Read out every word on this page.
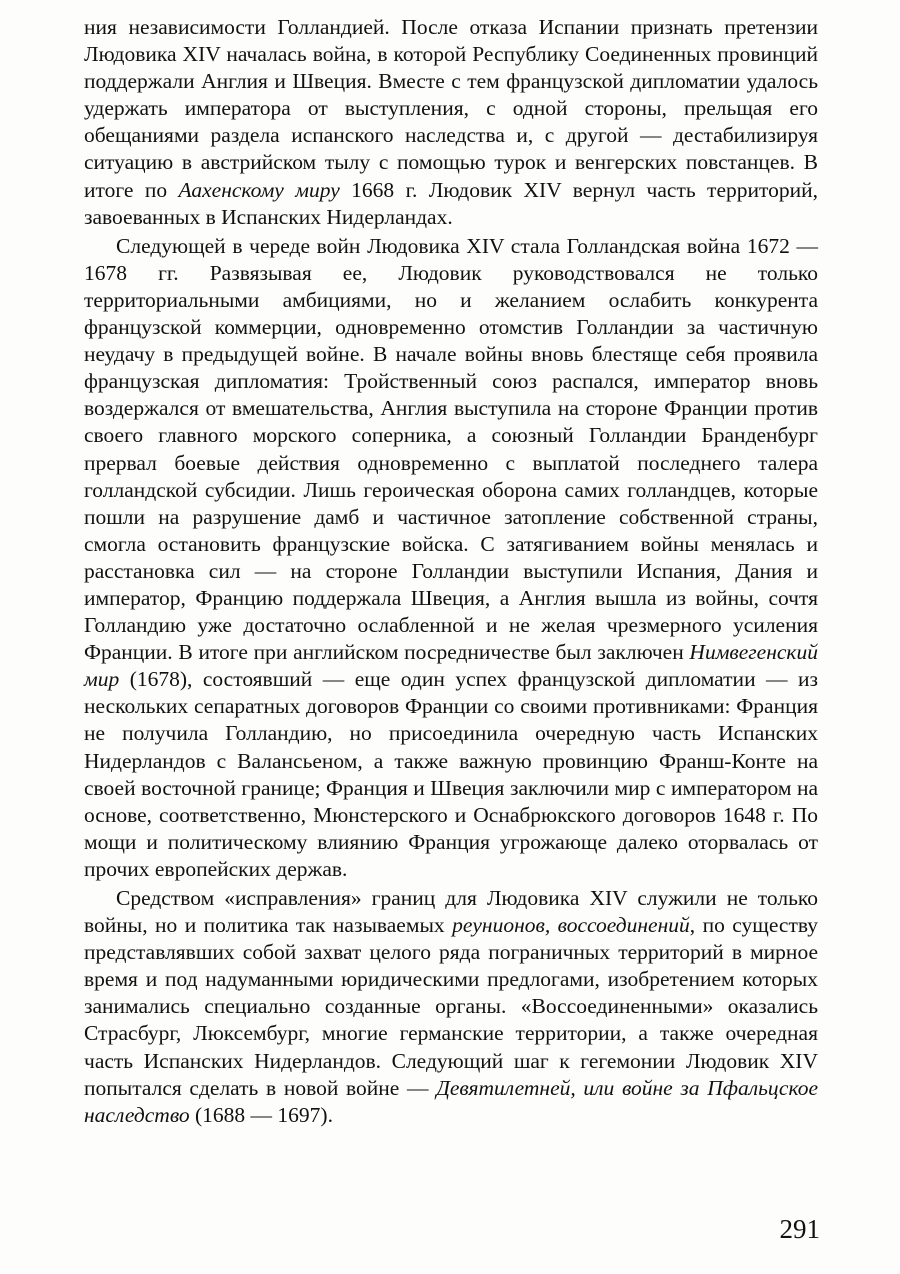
ния независимости Голландией. После отказа Испании признать претензии Людовика XIV началась война, в которой Республику Соединенных провинций поддержали Англия и Швеция. Вместе с тем французской дипломатии удалось удержать императора от выступления, с одной стороны, прельщая его обещаниями раздела испанского наследства и, с другой — дестабилизируя ситуацию в австрийском тылу с помощью турок и венгерских повстанцев. В итоге по Аахенскому миру 1668 г. Людовик XIV вернул часть территорий, завоеванных в Испанских Нидерландах.

Следующей в череде войн Людовика XIV стала Голландская война 1672 — 1678 гг. Развязывая ее, Людовик руководствовался не только территориальными амбициями, но и желанием ослабить конкурента французской коммерции, одновременно отомстив Голландии за частичную неудачу в предыдущей войне. В начале войны вновь блестяще себя проявила французская дипломатия: Тройственный союз распался, император вновь воздержался от вмешательства, Англия выступила на стороне Франции против своего главного морского соперника, а союзный Голландии Бранденбург прервал боевые действия одновременно с выплатой последнего талера голландской субсидии. Лишь героическая оборона самих голландцев, которые пошли на разрушение дамб и частичное затопление собственной страны, смогла остановить французские войска. С затягиванием войны менялась и расстановка сил — на стороне Голландии выступили Испания, Дания и император, Францию поддержала Швеция, а Англия вышла из войны, сочтя Голландию уже достаточно ослабленной и не желая чрезмерного усиления Франции. В итоге при английском посредничестве был заключен Нимвегенский мир (1678), состоявший — еще один успех французской дипломатии — из нескольких сепаратных договоров Франции со своими противниками: Франция не получила Голландию, но присоединила очередную часть Испанских Нидерландов с Валансьеном, а также важную провинцию Франш-Конте на своей восточной границе; Франция и Швеция заключили мир с императором на основе, соответственно, Мюнстерского и Оснабрюкского договоров 1648 г. По мощи и политическому влиянию Франция угрожающе далеко оторвалась от прочих европейских держав.

Средством «исправления» границ для Людовика XIV служили не только войны, но и политика так называемых реунионов, воссоединений, по существу представлявших собой захват целого ряда пограничных территорий в мирное время и под надуманными юридическими предлогами, изобретением которых занимались специально созданные органы. «Воссоединенными» оказались Страсбург, Люксембург, многие германские территории, а также очередная часть Испанских Нидерландов. Следующий шаг к гегемонии Людовик XIV попытался сделать в новой войне — Девятилетней, или войне за Пфальцское наследство (1688 — 1697).

291
